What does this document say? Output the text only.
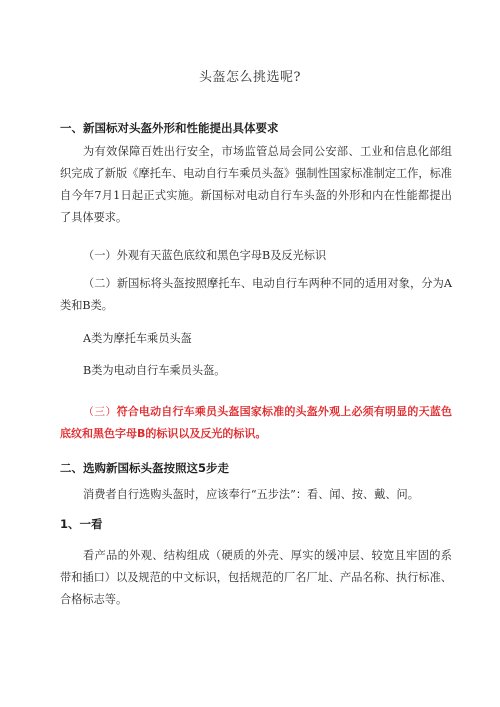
头盔怎么挑选呢?
一、新国标对头盔外形和性能提出具体要求
为有效保障百姓出行安全，市场监管总局会同公安部、工业和信息化部组织完成了新版《摩托车、电动自行车乘员头盔》强制性国家标准制定工作，标准自今年7月1日起正式实施。新国标对电动自行车头盔的外形和内在性能都提出了具体要求。
（一）外观有天蓝色底纹和黑色字母B及反光标识
（二）新国标将头盔按照摩托车、电动自行车两种不同的适用对象，分为A类和B类。
A类为摩托车乘员头盔
B类为电动自行车乘员头盔。
（三）符合电动自行车乘员头盔国家标准的头盔外观上必须有明显的天蓝色底纹和黑色字母B的标识以及反光的标识。
二、选购新国标头盔按照这5步走
消费者自行选购头盔时，应该奉行“五步法”：看、闻、按、戴、问。
1、一看
看产品的外观、结构组成（硬质的外壳、厚实的缓冲层、较宽且牢固的系带和插口）以及规范的中文标识，包括规范的厂名厂址、产品名称、执行标准、合格标志等。
